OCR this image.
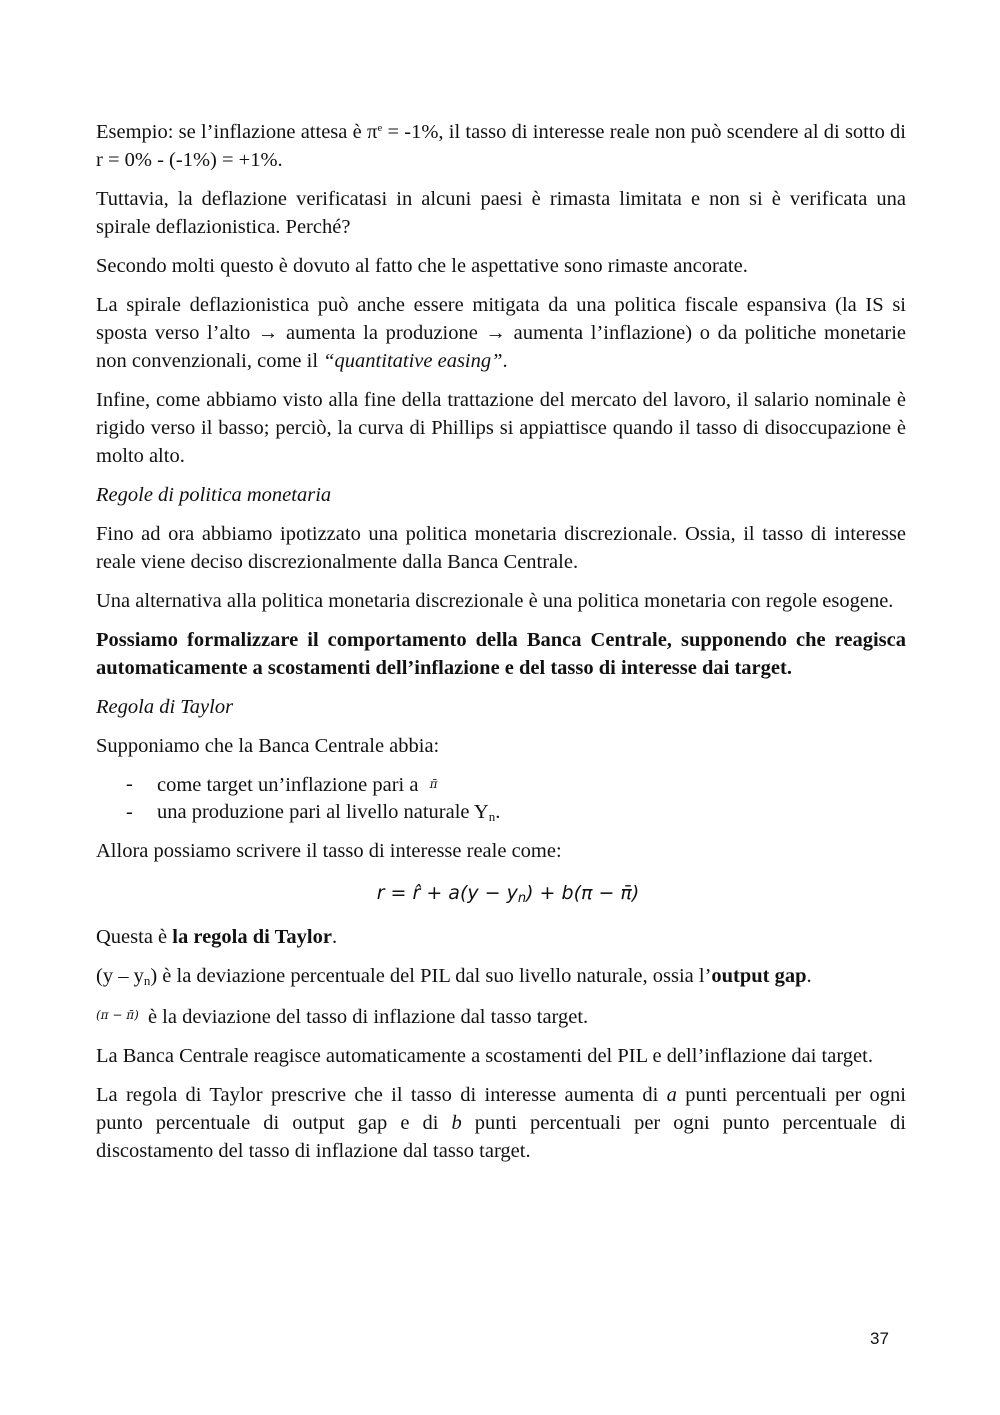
Esempio: se l’inflazione attesa è $\pi^e = -1\%$, il tasso di interesse reale non può scendere al di sotto di r = 0% - (-1%) = +1%.

Tuttavia, la deflazione verificatasi in alcuni paesi è rimasta limitata e non si è verificata una spirale deflazionistica. Perché?

Secondo molti questo è dovuto al fatto che le aspettative sono rimaste ancorate.

La spirale deflazionistica può anche essere mitigata da una politica fiscale espansiva (la IS si sposta verso l’alto → aumenta la produzione → aumenta l’inflazione) o da politiche monetarie non convenzionali, come il “quantitative easing”.

Infine, come abbiamo visto alla fine della trattazione del mercato del lavoro, il salario nominale è rigido verso il basso; perciò, la curva di Phillips si appiattisce quando il tasso di disoccupazione è molto alto.

Regole di politica monetaria

Fino ad ora abbiamo ipotizzato una politica monetaria discrezionale. Ossia, il tasso di interesse reale viene deciso discrezionalmente dalla Banca Centrale.

Una alternativa alla politica monetaria discrezionale è una politica monetaria con regole esogene.

Possiamo formalizzare il comportamento della Banca Centrale, supponendo che reagisca automaticamente a scostamenti dell’inflazione e del tasso di interesse dai target.

Regola di Taylor

Supponiamo che la Banca Centrale abbia:

- come target un’inflazione pari a π̄
- una produzione pari al livello naturale $Y_n$.

Allora possiamo scrivere il tasso di interesse reale come:

r = r̂ + $a(y - y_n) + b(\pi$ − π̄)

Questa è la regola di Taylor.

$(y - y_n)$ è la deviazione percentuale del PIL dal suo livello naturale, ossia l’output gap.

(π − π̄) è la deviazione del tasso di inflazione dal tasso target.

La Banca Centrale reagisce automaticamente a scostamenti del PIL e dell’inflazione dai target.

La regola di Taylor prescrive che il tasso di interesse aumenta di a punti percentuali per ogni punto percentuale di output gap e di b punti percentuali per ogni punto percentuale di discostamento del tasso di inflazione dal tasso target.

37
